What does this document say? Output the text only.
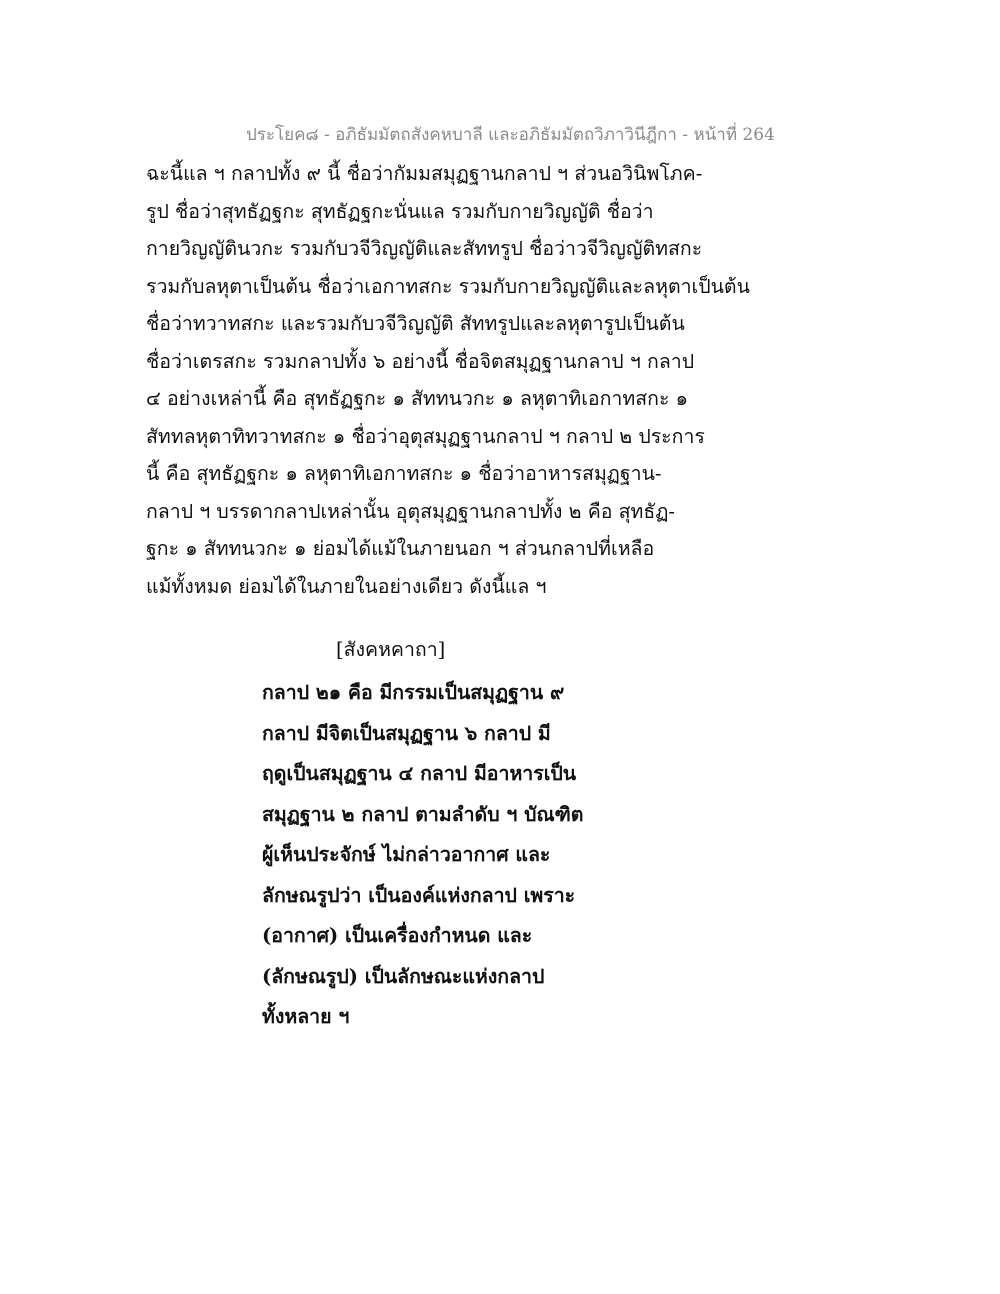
ประโยค๘ - อภิธัมมัตถสังคหบาลี และอภิธัมมัตถวิภาวินีฎีกา - หน้าที่ 264
ฉะนี้แล ฯ กลาปทั้ง ๙ นี้ ชื่อว่ากัมมสมุฏฐานกลาป ฯ ส่วนอวินิพโภค-
รูป ชื่อว่าสุทธัฏฐกะ สุทธัฏฐกะนั่นแล รวมกับกายวิญญัติ ชื่อว่า
กายวิญญัตินวกะ รวมกับวจีวิญญัติและสัททรูป ชื่อว่าวจีวิญญัติทสกะ
รวมกับลหุตาเป็นต้น ชื่อว่าเอกาทสกะ รวมกับกายวิญญัติและลหุตาเป็นต้น
ชื่อว่าทวาทสกะ และรวมกับวจีวิญญัติ สัททรูปและลหุตารูปเป็นต้น
ชื่อว่าเตรสกะ รวมกลาปทั้ง ๖ อย่างนี้ ชื่อจิตสมุฏฐานกลาป ฯ กลาป
๔ อย่างเหล่านี้ คือ สุทธัฏฐกะ ๑ สัททนวกะ ๑ ลหุตาทิเอกาทสกะ ๑
สัททลหุตาทิทวาทสกะ ๑ ชื่อว่าอุตุสมุฏฐานกลาป ฯ กลาป ๒ ประการ
นี้ คือ สุทธัฏฐกะ ๑ ลหุตาทิเอกาทสกะ ๑ ชื่อว่าอาหารสมุฏฐาน-
กลาป ฯ บรรดากลาปเหล่านั้น อุตุสมุฏฐานกลาปทั้ง ๒ คือ สุทธัฏ-
ฐกะ ๑ สัททนวกะ ๑ ย่อมได้แม้ในภายนอก ฯ ส่วนกลาปที่เหลือ
แม้ทั้งหมด ย่อมได้ในภายในอย่างเดียว ดังนี้แล ฯ
[สังคหคาถา]
กลาป ๒๑ คือ มีกรรมเป็นสมุฏฐาน ๙
กลาป มีจิตเป็นสมุฏฐาน ๖ กลาป มี
ฤดูเป็นสมุฏฐาน ๔ กลาป มีอาหารเป็น
สมุฏฐาน ๒ กลาป ตามลำดับ ฯ บัณฑิต
ผู้เห็นประจักษ์ ไม่กล่าวอากาศ และ
ลักษณรูปว่า เป็นองค์แห่งกลาป เพราะ
(อากาศ) เป็นเครื่องกำหนด และ
(ลักษณรูป) เป็นลักษณะแห่งกลาป
ทั้งหลาย ฯ
